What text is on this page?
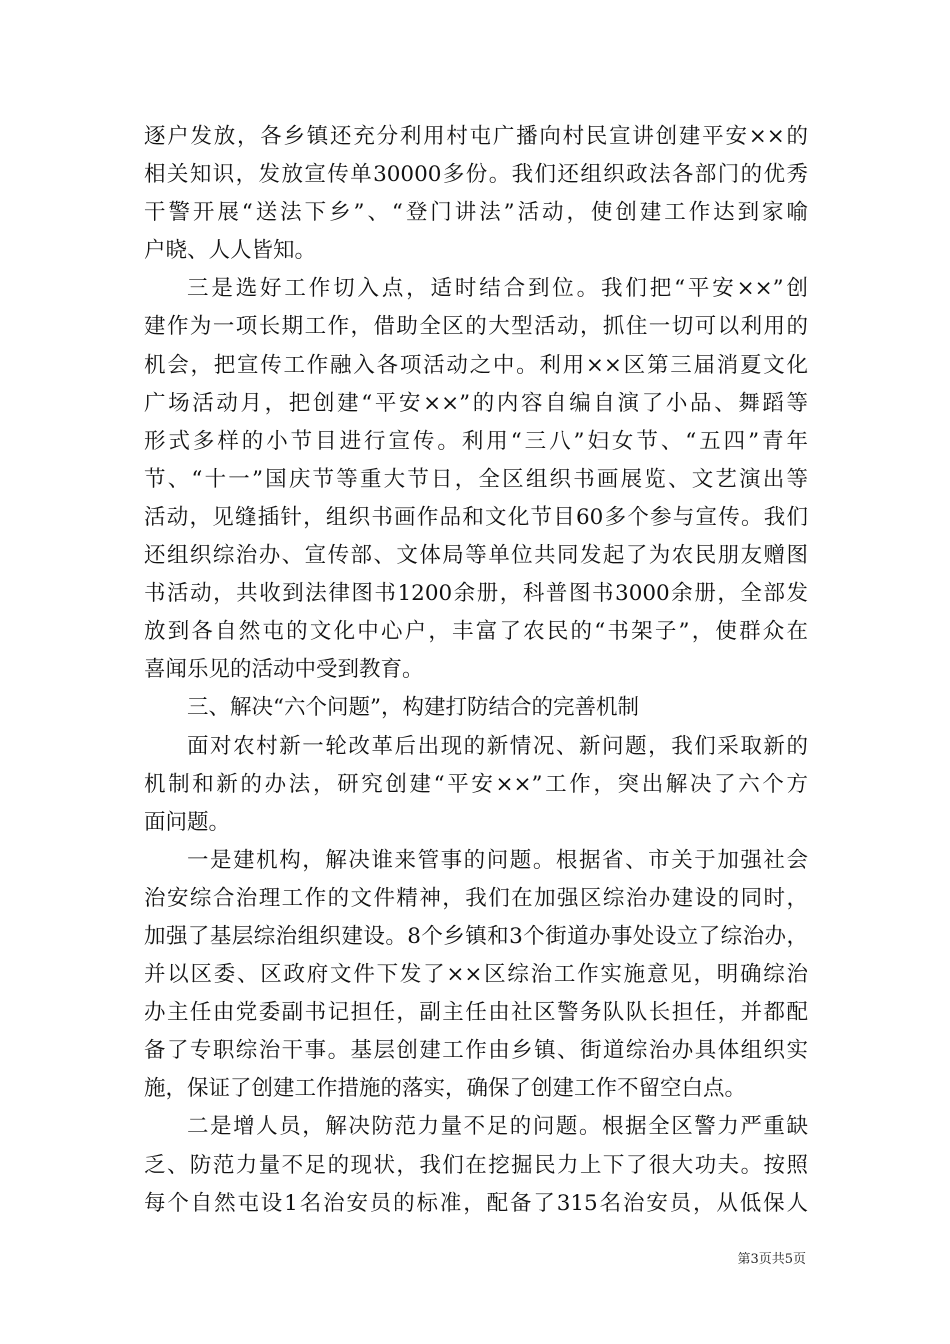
逐户发放，各乡镇还充分利用村屯广播向村民宣讲创建平安××的
相关知识，发放宣传单30000多份。我们还组织政法各部门的优秀
干警开展“送法下乡”、“登门讲法”活动，使创建工作达到家喻
户晓、人人皆知。
三是选好工作切入点，适时结合到位。我们把“平安××”创
建作为一项长期工作，借助全区的大型活动，抓住一切可以利用的
机会，把宣传工作融入各项活动之中。利用××区第三届消夏文化
广场活动月，把创建“平安××”的内容自编自演了小品、舞蹈等
形式多样的小节目进行宣传。利用“三八”妇女节、“五四”青年
节、“十一”国庆节等重大节日，全区组织书画展览、文艺演出等
活动，见缝插针，组织书画作品和文化节目60多个参与宣传。我们
还组织综治办、宣传部、文体局等单位共同发起了为农民朋友赠图
书活动，共收到法律图书1200余册，科普图书3000余册，全部发
放到各自然屯的文化中心户，丰富了农民的“书架子”，使群众在
喜闻乐见的活动中受到教育。
三、解决“六个问题”，构建打防结合的完善机制
面对农村新一轮改革后出现的新情况、新问题，我们采取新的
机制和新的办法，研究创建“平安××”工作，突出解决了六个方
面问题。
一是建机构，解决谁来管事的问题。根据省、市关于加强社会
治安综合治理工作的文件精神，我们在加强区综治办建设的同时，
加强了基层综治组织建设。8个乡镇和3个街道办事处设立了综治办，
并以区委、区政府文件下发了××区综治工作实施意见，明确综治
办主任由党委副书记担任，副主任由社区警务队队长担任，并都配
备了专职综治干事。基层创建工作由乡镇、街道综治办具体组织实
施，保证了创建工作措施的落实，确保了创建工作不留空白点。
二是增人员，解决防范力量不足的问题。根据全区警力严重缺
乏、防范力量不足的现状，我们在挖掘民力上下了很大功夫。按照
每个自然屯设1名治安员的标准，配备了315名治安员，从低保人
第3页共5页
